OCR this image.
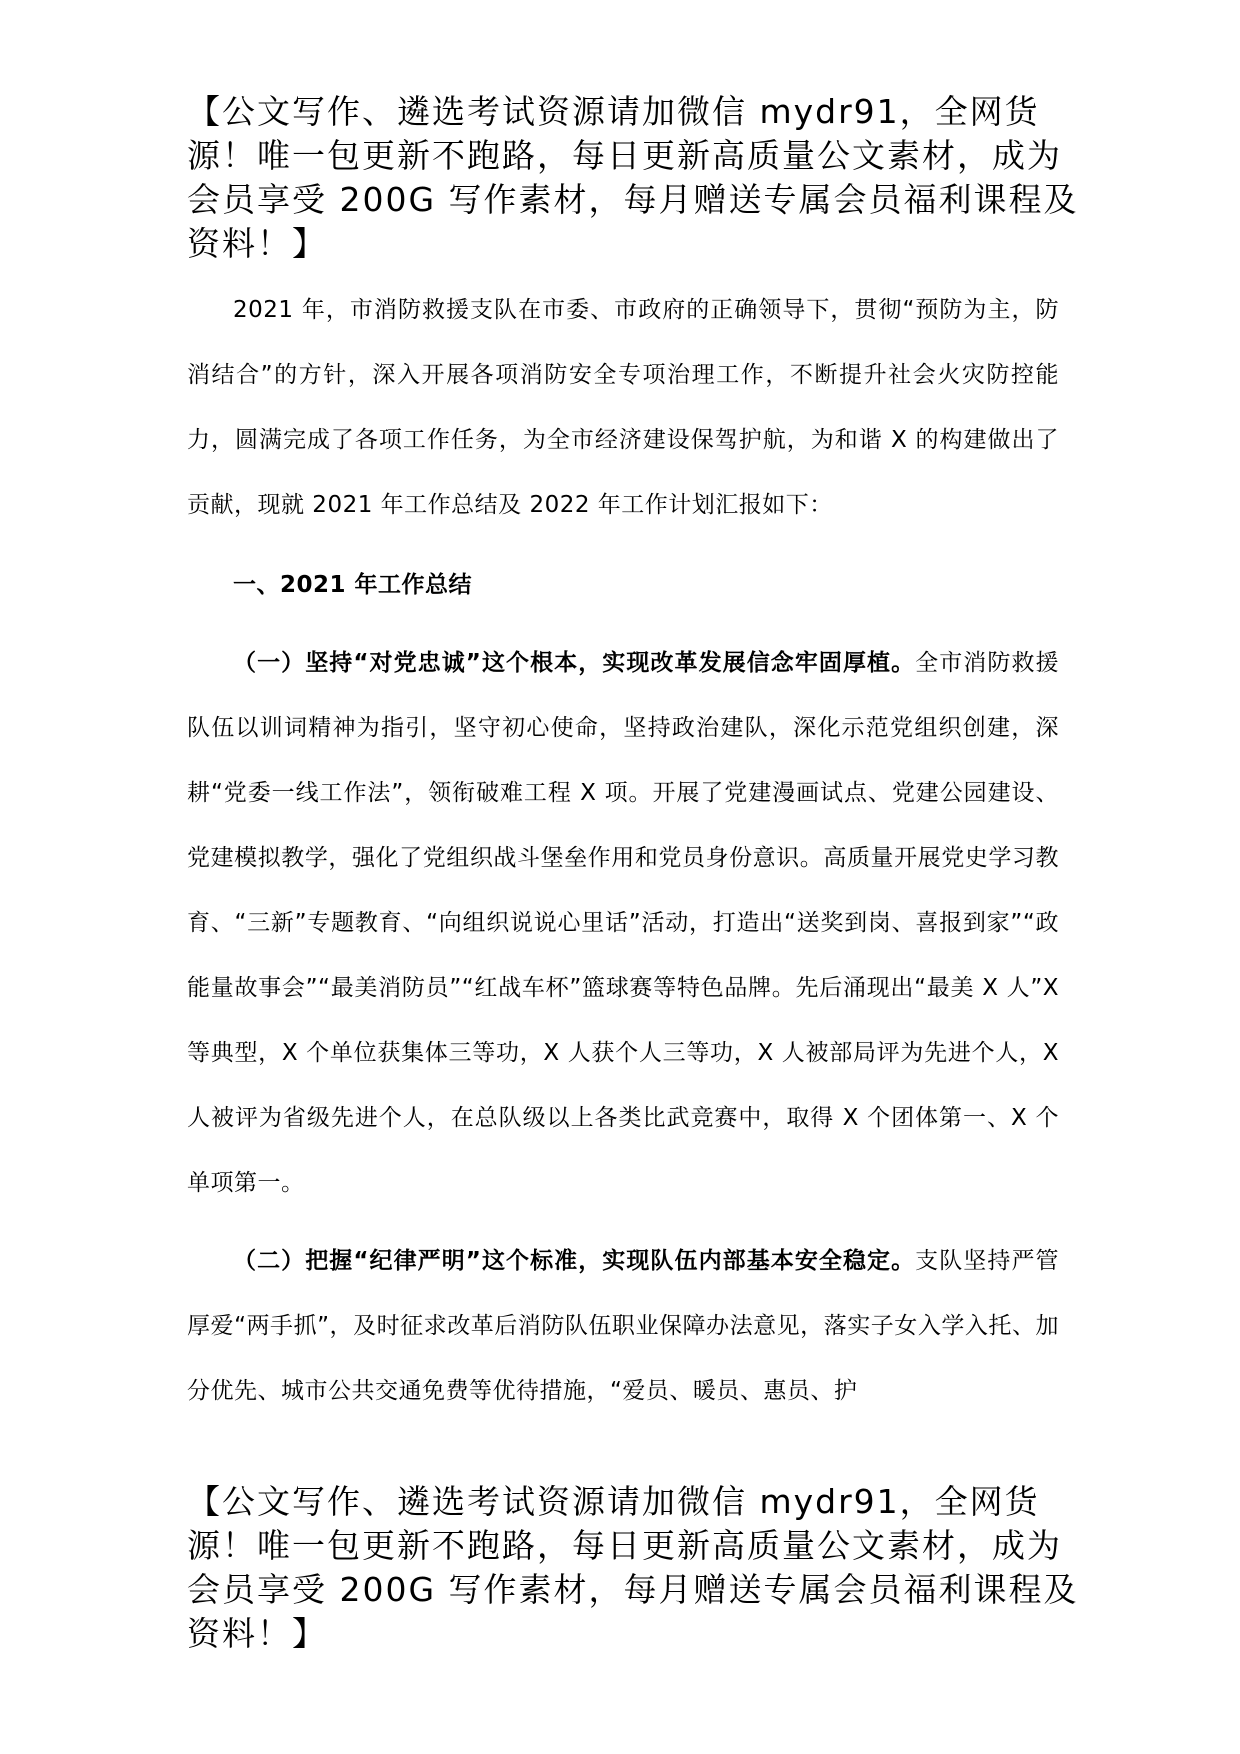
【公文写作、遴选考试资源请加微信 mydr91，全网货源！唯一包更新不跑路，每日更新高质量公文素材，成为会员享受 200G 写作素材，每月赠送专属会员福利课程及资料！】

2021 年，市消防救援支队在市委、市政府的正确领导下，贯彻“预防为主，防消结合”的方针，深入开展各项消防安全专项治理工作，不断提升社会火灾防控能力，圆满完成了各项工作任务，为全市经济建设保驾护航，为和谐 X 的构建做出了贡献，现就 2021 年工作总结及 2022 年工作计划汇报如下：

一、2021 年工作总结

（一）坚持“对党忠诚”这个根本，实现改革发展信念牢固厚植。全市消防救援队伍以训词精神为指引，坚守初心使命，坚持政治建队，深化示范党组织创建，深耕“党委一线工作法”，领衔破难工程 X 项。开展了党建漫画试点、党建公园建设、党建模拟教学，强化了党组织战斗堡垒作用和党员身份意识。高质量开展党史学习教育、“三新”专题教育、“向组织说说心里话”活动，打造出“送奖到岗、喜报到家”“政能量故事会”“最美消防员”“红战车杯”篮球赛等特色品牌。先后涌现出“最美 X 人”X 等典型，X 个单位获集体三等功，X 人获个人三等功，X 人被部局评为先进个人，X 人被评为省级先进个人，在总队级以上各类比武竞赛中，取得 X 个团体第一、X 个单项第一。

（二）把握“纪律严明”这个标准，实现队伍内部基本安全稳定。支队坚持严管厚爱“两手抓”，及时征求改革后消防队伍职业保障办法意见，落实子女入学入托、加分优先、城市公共交通免费等优待措施，“爱员、暖员、惠员、护

【公文写作、遴选考试资源请加微信 mydr91，全网货源！唯一包更新不跑路，每日更新高质量公文素材，成为会员享受 200G 写作素材，每月赠送专属会员福利课程及资料！】
